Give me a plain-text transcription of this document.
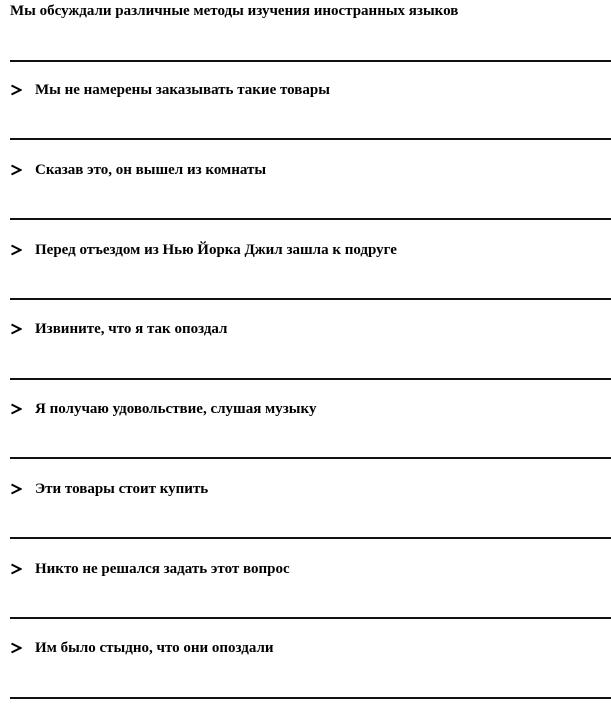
Мы обсуждали различные методы изучения иностранных языков
Мы не намерены заказывать такие товары
Сказав это, он вышел из комнаты
Перед отъездом из Нью Йорка Джил зашла к подруге
Извините, что я так опоздал
Я получаю удовольствие, слушая музыку
Эти товары стоит купить
Никто не решался задать этот вопрос
Им было стыдно, что они опоздали
